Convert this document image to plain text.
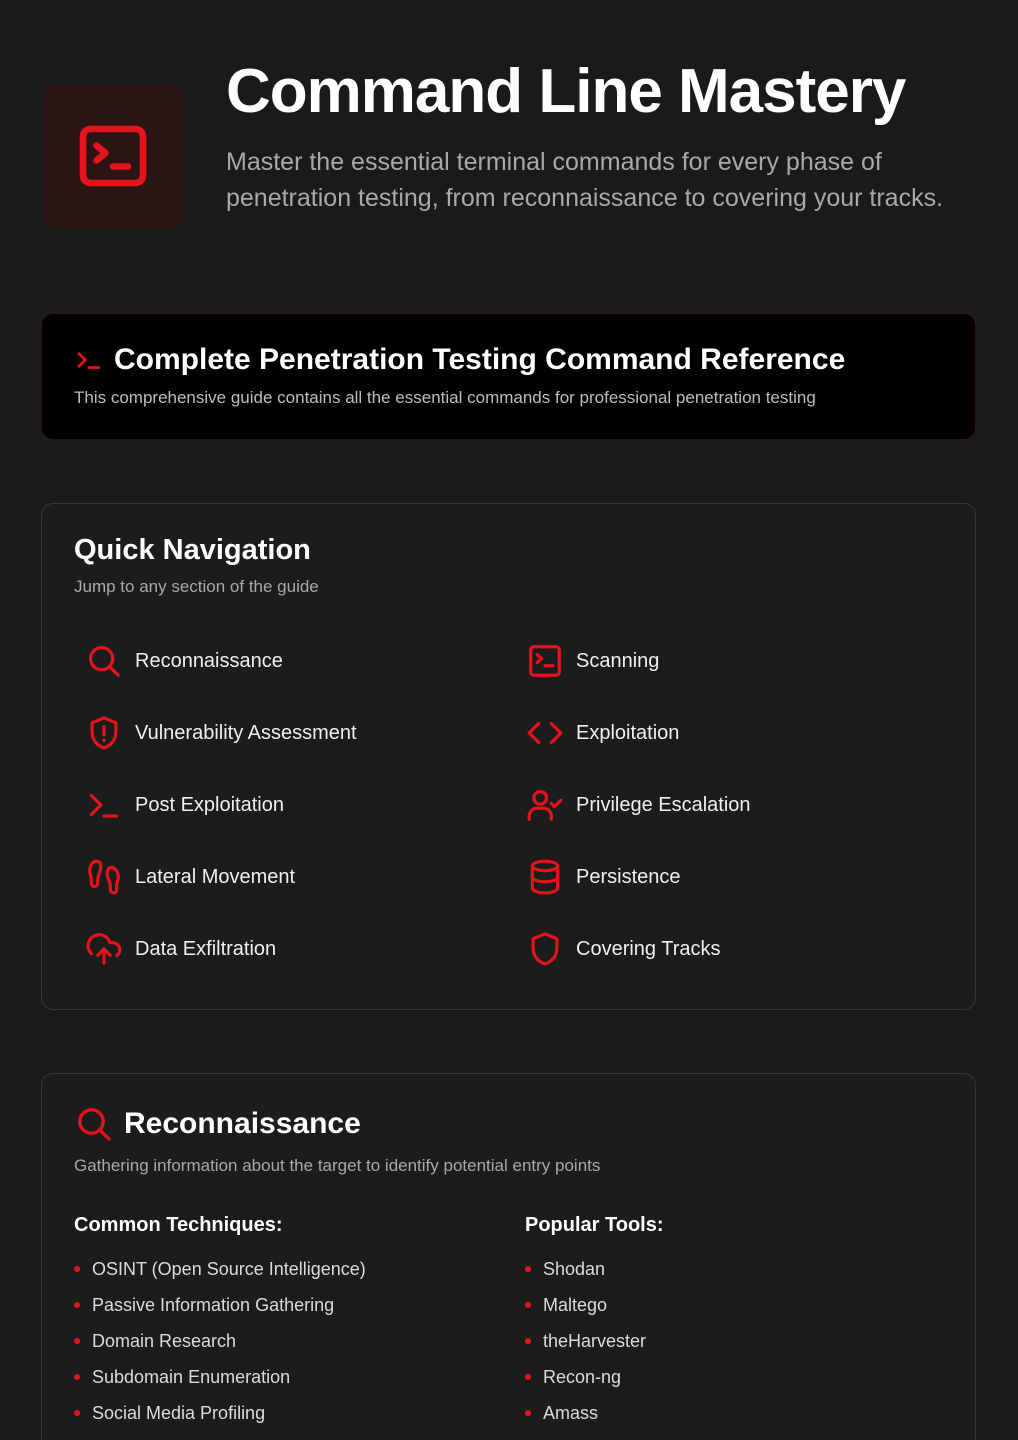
Command Line Mastery

Master the essential terminal commands for every phase of penetration testing, from reconnaissance to covering your tracks.

Complete Penetration Testing Command Reference

This comprehensive guide contains all the essential commands for professional penetration testing

Quick Navigation

Jump to any section of the guide

Reconnaissance	Scanning
Vulnerability Assessment	Exploitation
Post Exploitation	Privilege Escalation
Lateral Movement	Persistence
Data Exfiltration	Covering Tracks
Reconnaissance

Gathering information about the target to identify potential entry points

Common Techniques:
OSINT (Open Source Intelligence)
Passive Information Gathering
Domain Research
Subdomain Enumeration
Social Media Profiling
Popular Tools:
Shodan
Maltego
theHarvester
Recon-ng
Amass
